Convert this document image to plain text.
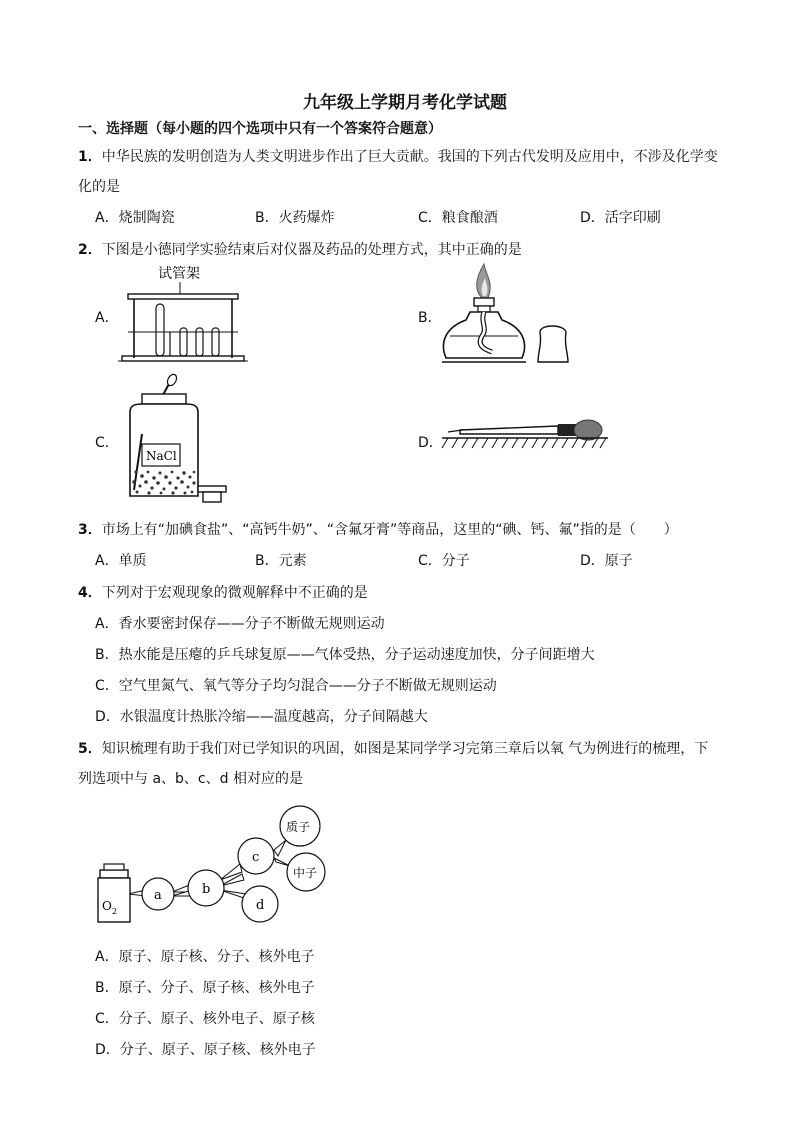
九年级上学期月考化学试题
一、选择题（每小题的四个选项中只有一个答案符合题意）
1．中华民族的发明创造为人类文明进步作出了巨大贡献。我国的下列古代发明及应用中，不涉及化学变
化的是
A．烧制陶瓷	B．火药爆炸	C．粮食酿酒	D．活字印刷
2．下图是小德同学实验结束后对仪器及药品的处理方式，其中正确的是
A．	B．
C．	D．
试管架
NaCl
3．市场上有“加碘食盐”、“高钙牛奶”、“含氟牙膏”等商品，这里的“碘、钙、氟”指的是（　　）
A．单质	B．元素	C．分子	D．原子
4．下列对于宏观现象的微观解释中不正确的是
A．香水要密封保存——分子不断做无规则运动
B．热水能是压瘪的乒乓球复原——气体受热，分子运动速度加快，分子间距增大
C．空气里氮气、氧气等分子均匀混合——分子不断做无规则运动
D．水银温度计热胀冷缩——温度越高，分子间隔越大
5．知识梳理有助于我们对已学知识的巩固，如图是某同学学习完第三章后以氧 气为例进行的梳理，下
列选项中与 a、b、c、d 相对应的是
O 2
a	b
c
d
质子
中子
A．原子、原子核、分子、核外电子
B．原子、分子、原子核、核外电子
C．分子、原子、核外电子、原子核
D．分子、原子、原子核、核外电子
